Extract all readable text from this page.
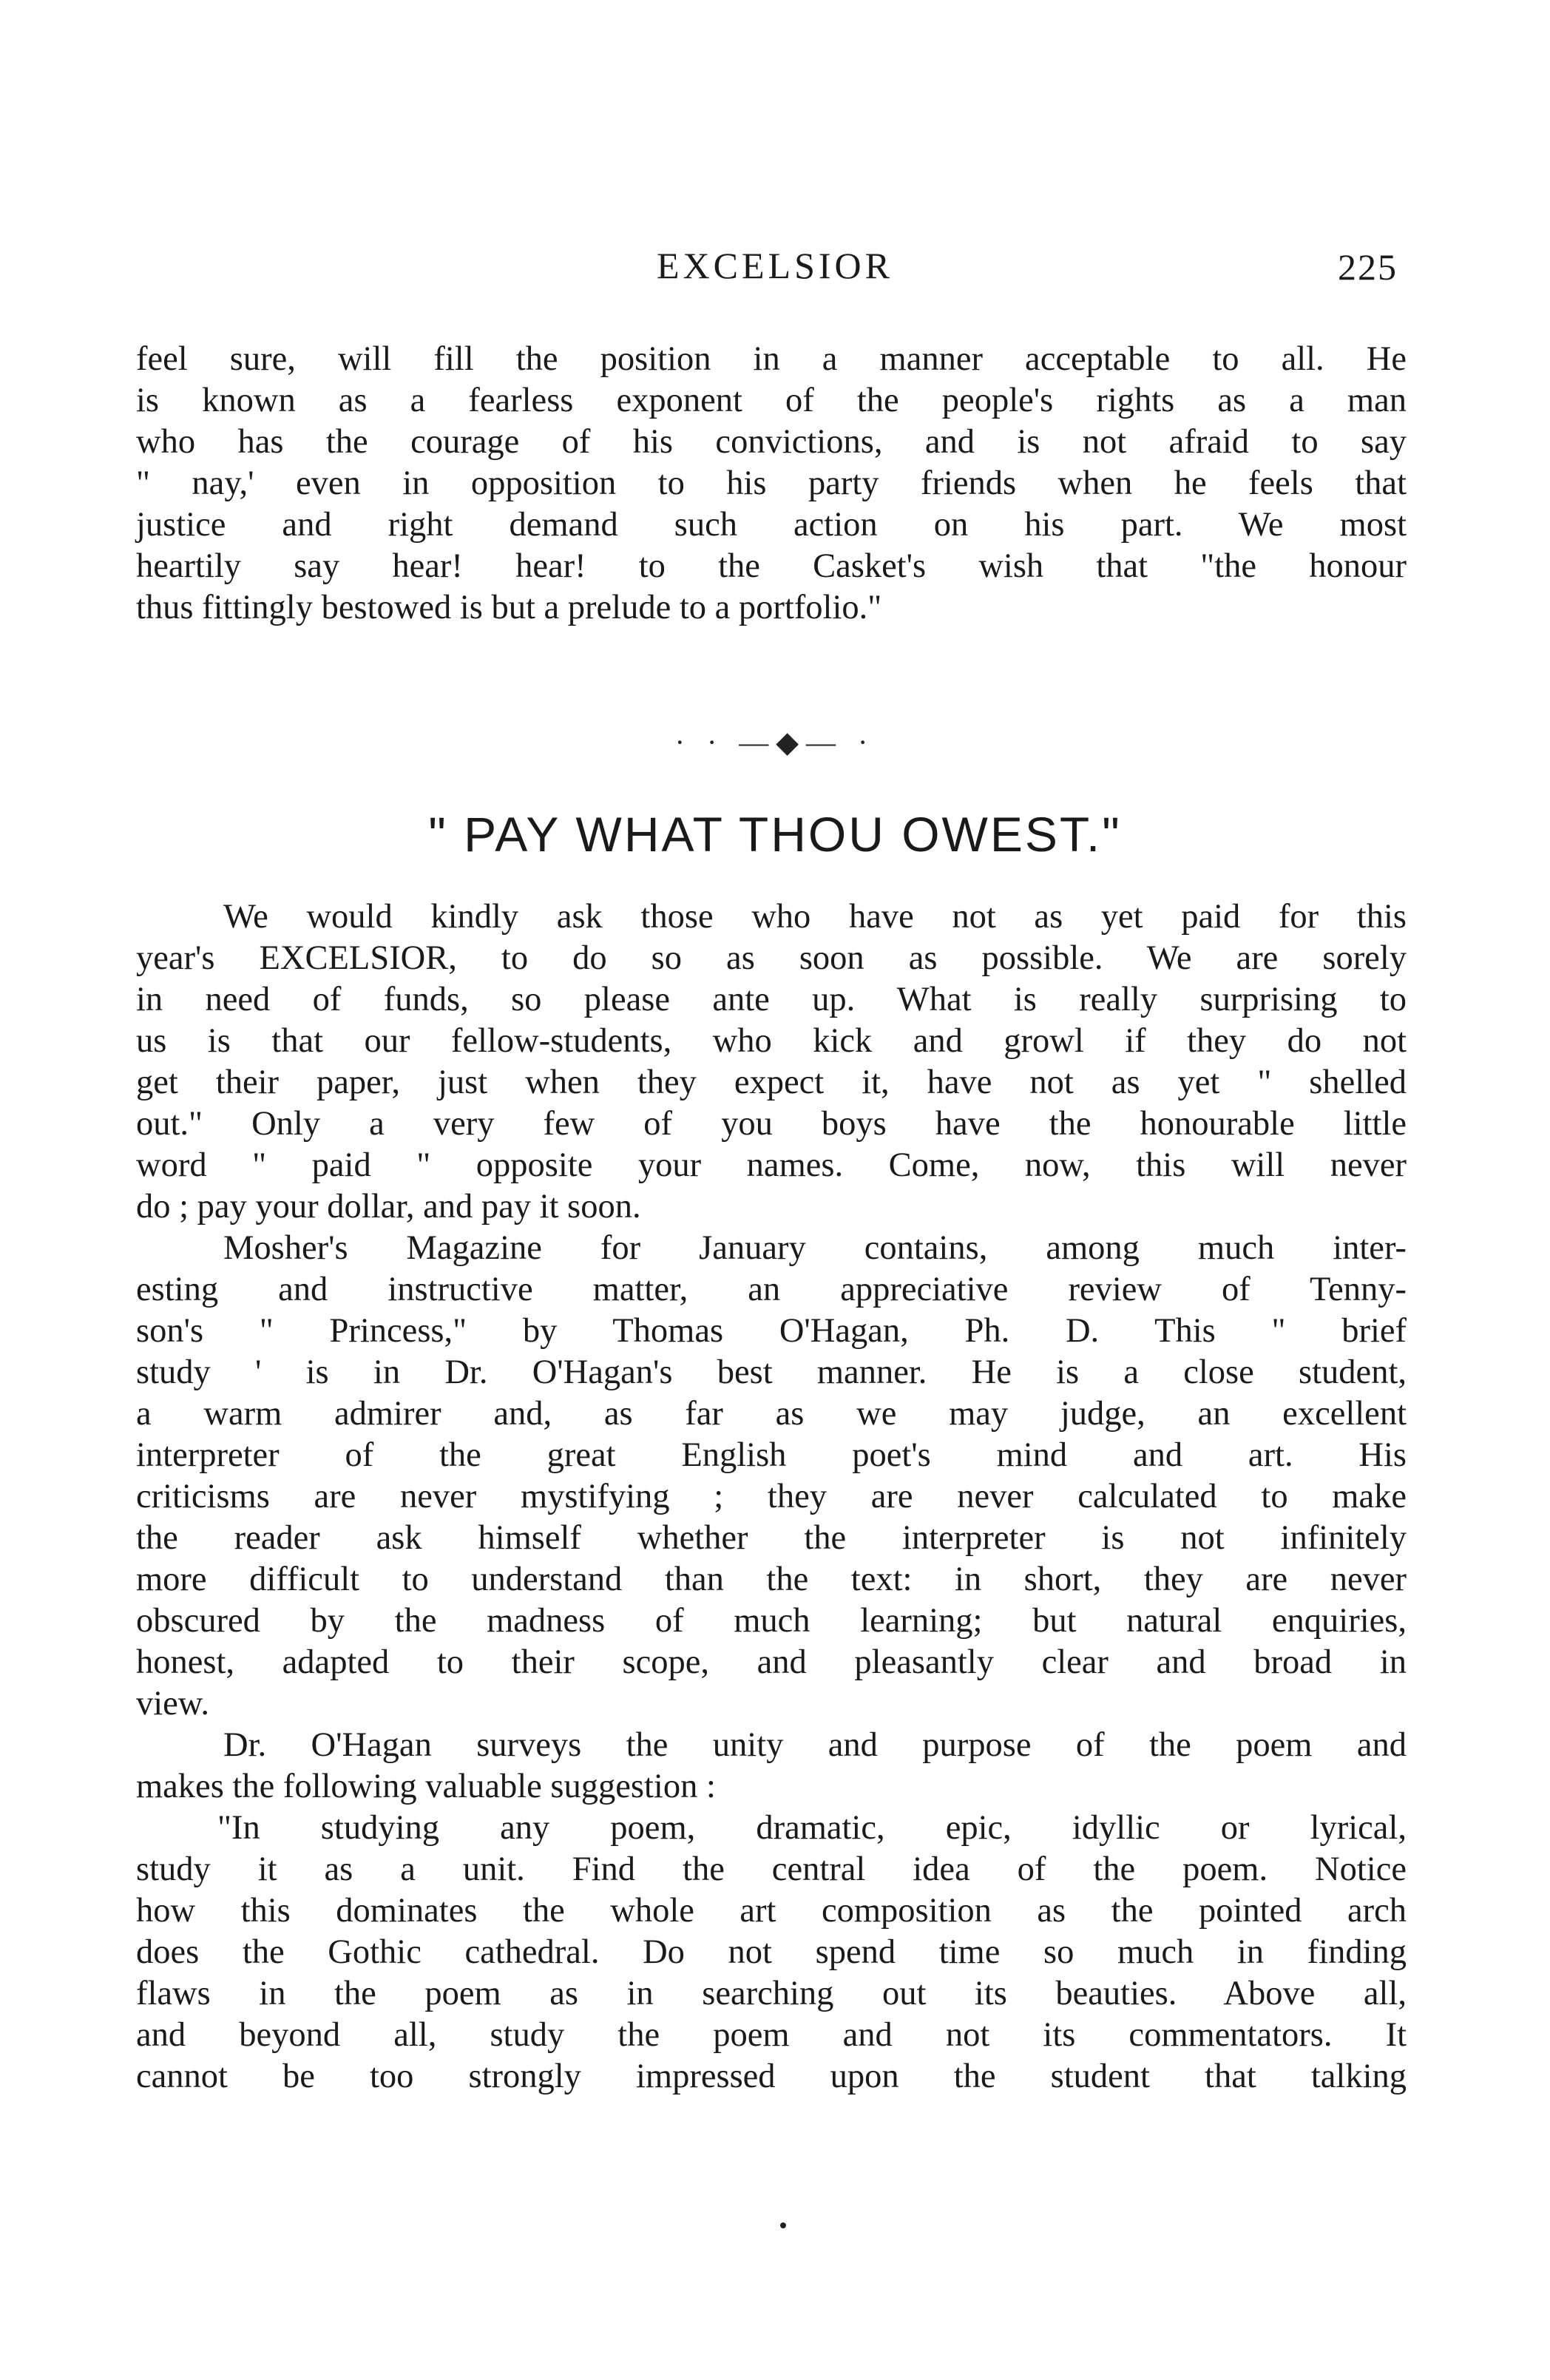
EXCELSIOR	225
feel sure, will fill the position in a manner acceptable to all. He
is known as a fearless exponent of the people's rights as a man
who has the courage of his convictions, and is not afraid to say
" nay,' even in opposition to his party friends when he feels that
justice and right demand such action on his part. We most
heartily say hear! hear! to the Casket's wish that "the honour
thus fittingly bestowed is but a prelude to a portfolio."
· · —◆— ·
" PAY WHAT THOU OWEST."
We would kindly ask those who have not as yet paid for this
year's EXCELSIOR, to do so as soon as possible. We are sorely
in need of funds, so please ante up. What is really surprising to
us is that our fellow-students, who kick and growl if they do not
get their paper, just when they expect it, have not as yet " shelled
out." Only a very few of you boys have the honourable little
word " paid " opposite your names. Come, now, this will never
do ; pay your dollar, and pay it soon.
Mosher's Magazine for January contains, among much inter-
esting and instructive matter, an appreciative review of Tenny-
son's " Princess," by Thomas O'Hagan, Ph. D. This " brief
study ' is in Dr. O'Hagan's best manner. He is a close student,
a warm admirer and, as far as we may judge, an excellent
interpreter of the great English poet's mind and art. His
criticisms are never mystifying ; they are never calculated to make
the reader ask himself whether the interpreter is not infinitely
more difficult to understand than the text: in short, they are never
obscured by the madness of much learning; but natural enquiries,
honest, adapted to their scope, and pleasantly clear and broad in
view.
Dr. O'Hagan surveys the unity and purpose of the poem and
makes the following valuable suggestion :
"In studying any poem, dramatic, epic, idyllic or lyrical,
study it as a unit. Find the central idea of the poem. Notice
how this dominates the whole art composition as the pointed arch
does the Gothic cathedral. Do not spend time so much in finding
flaws in the poem as in searching out its beauties. Above all,
and beyond all, study the poem and not its commentators. It
cannot be too strongly impressed upon the student that talking
